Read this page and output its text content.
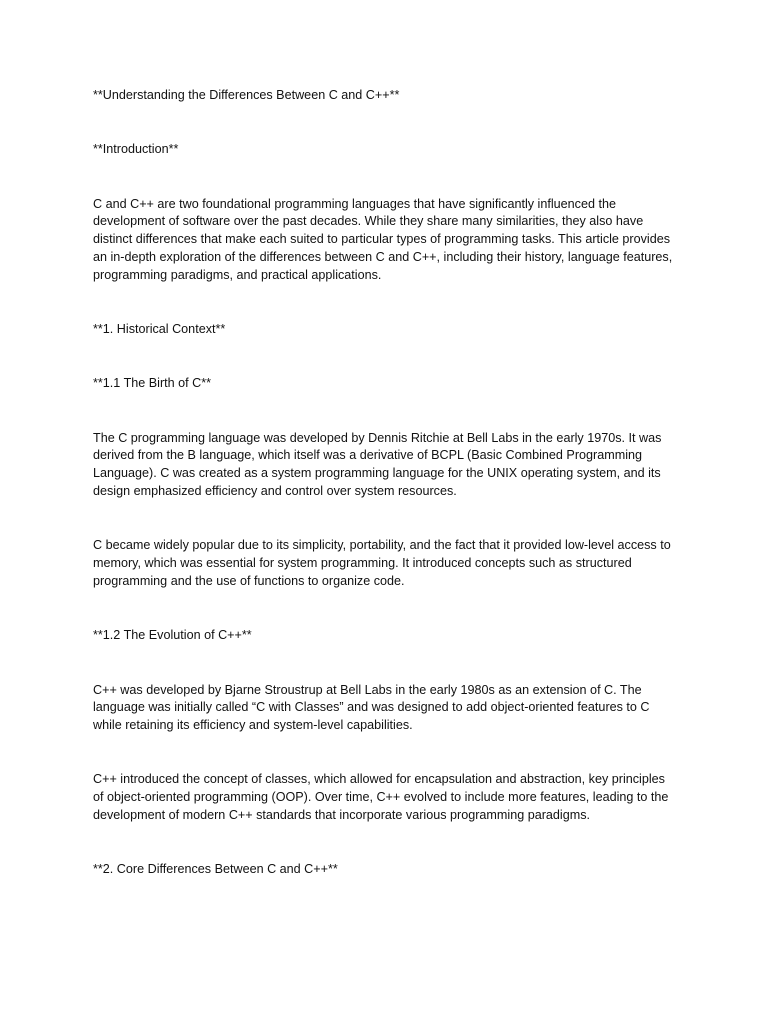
**Understanding the Differences Between C and C++**

**Introduction**

C and C++ are two foundational programming languages that have significantly influenced the development of software over the past decades. While they share many similarities, they also have distinct differences that make each suited to particular types of programming tasks. This article provides an in-depth exploration of the differences between C and C++, including their history, language features, programming paradigms, and practical applications.

**1. Historical Context**

**1.1 The Birth of C**

The C programming language was developed by Dennis Ritchie at Bell Labs in the early 1970s. It was derived from the B language, which itself was a derivative of BCPL (Basic Combined Programming Language). C was created as a system programming language for the UNIX operating system, and its design emphasized efficiency and control over system resources.

C became widely popular due to its simplicity, portability, and the fact that it provided low-level access to memory, which was essential for system programming. It introduced concepts such as structured programming and the use of functions to organize code.

**1.2 The Evolution of C++**

C++ was developed by Bjarne Stroustrup at Bell Labs in the early 1980s as an extension of C. The language was initially called “C with Classes” and was designed to add object-oriented features to C while retaining its efficiency and system-level capabilities.

C++ introduced the concept of classes, which allowed for encapsulation and abstraction, key principles of object-oriented programming (OOP). Over time, C++ evolved to include more features, leading to the development of modern C++ standards that incorporate various programming paradigms.

**2. Core Differences Between C and C++**
